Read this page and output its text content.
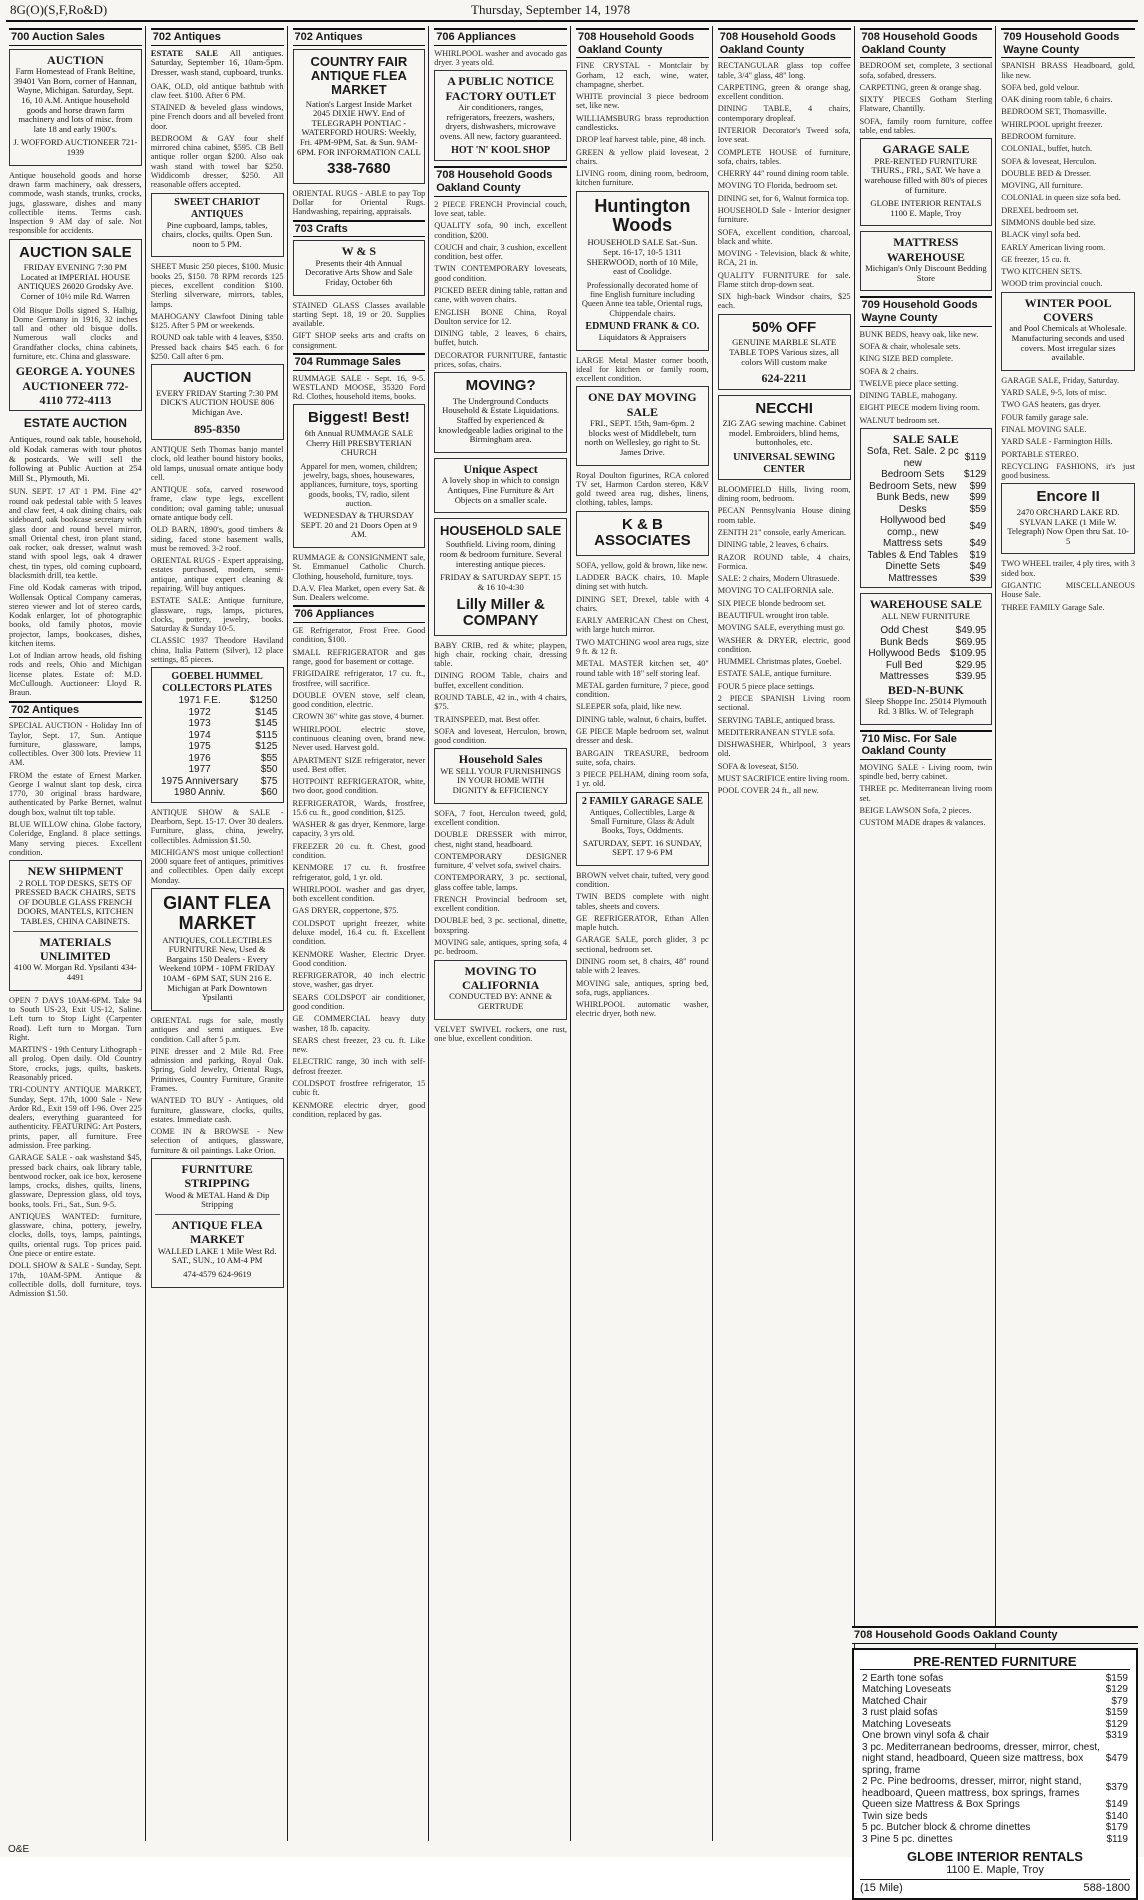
8G(O)(S,F,Ro&D)	Thursday, September 14, 1978
700 Auction Sales
AUCTION
Farm Homestead of Frank Beltine, 39401 Van Born, corner of Hannan, Wayne, Michigan. Saturday, Sept. 16, 10 A.M. Antique household goods and horse drawn farm machinery and lots of misc. from late 18 and early 1900's.
J. WOFFORD AUCTIONEER 721-1939

Antique household goods and horse drawn farm machinery, oak dressers, commode, wash stands, trunks, crocks, jugs, glassware, dishes and many collectible items. Terms cash. Inspection 9 AM day of sale. Not responsible for accidents.

AUCTION SALE
FRIDAY EVENING 7:30 PM Located at IMPERIAL HOUSE ANTIQUES 26020 Grodsky Ave. Corner of 10½ mile Rd. Warren

Old Bisque Dolls signed S. Halbig, Dome Germany in 1916, 32 inches tall and other old bisque dolls. Numerous wall clocks and Grandfather clocks, china cabinets, furniture, etc. China and glassware.

GEORGE A. YOUNES AUCTIONEER 772-4110 772-4113
ESTATE AUCTION
Antiques, round oak table, household, old Kodak cameras with tour photos & postcards. We will sell the following at Public Auction at 254 Mill St., Plymouth, Mi.

SUN. SEPT. 17 AT 1 PM. Fine 42" round oak pedestal table with 5 leaves and claw feet, 4 oak dining chairs, oak sideboard, oak bookcase secretary with glass door and round bevel mirror, small Oriental chest, iron plant stand, oak rocker, oak dresser, walnut wash stand with spool legs, oak 4 drawer chest, tin types, old coming cupboard, blacksmith drill, tea kettle.

Fine old Kodak cameras with tripod, Wollensak Optical Company cameras, stereo viewer and lot of stereo cards, Kodak enlarger, lot of photographic books, old family photos, movie projector, lamps, bookcases, dishes, kitchen items.

Lot of Indian arrow heads, old fishing rods and reels, Ohio and Michigan license plates. Estate of: M.D. McCullough. Auctioneer: Lloyd R. Braun.

702 Antiques

SPECIAL AUCTION - Holiday Inn of Taylor, Sept. 17, Sun. Antique furniture, glassware, lamps, collectibles. Over 300 lots. Preview 11 AM.

FROM the estate of Ernest Marker. George I walnut slant top desk, circa 1770, 30 original brass hardware, authenticated by Parke Bernet, walnut dough box, walnut tilt top table.

BLUE WILLOW china. Globe factory, Coleridge, England. 8 place settings. Many serving pieces. Excellent condition.

NEW SHIPMENT
2 ROLL TOP DESKS, SETS OF PRESSED BACK CHAIRS, SETS OF DOUBLE GLASS FRENCH DOORS, MANTELS, KITCHEN TABLES, CHINA CABINETS.
MATERIALS UNLIMITED
4100 W. Morgan Rd. Ypsilanti 434-4491

OPEN 7 DAYS 10AM-6PM. Take 94 to South US-23, Exit US-12, Saline. Left turn to Stop Light (Carpenter Road). Left turn to Morgan. Turn Right.

MARTIN'S - 19th Century Lithograph - all prolog. Open daily. Old Country Store, crocks, jugs, quilts, baskets. Reasonably priced.

TRI-COUNTY ANTIQUE MARKET, Sunday, Sept. 17th, 1000 Sale - New Ardor Rd., Exit 159 off I-96. Over 225 dealers, everything guaranteed for authenticity. FEATURING: Art Posters, prints, paper, all furniture. Free admission. Free parking.

GARAGE SALE - oak washstand $45, pressed back chairs, oak library table, bentwood rocker, oak ice box, kerosene lamps, crocks, dishes, quilts, linens, glassware, Depression glass, old toys, books, tools. Fri., Sat., Sun. 9-5.

ANTIQUES WANTED: furniture, glassware, china, pottery, jewelry, clocks, dolls, toys, lamps, paintings, quilts, oriental rugs. Top prices paid. One piece or entire estate.

DOLL SHOW & SALE - Sunday, Sept. 17th, 10AM-5PM. Antique & collectible dolls, doll furniture, toys. Admission $1.50.

702 Antiques
ESTATE SALE All antiques. Saturday, September 16, 10am-5pm. Dresser, wash stand, cupboard, trunks.

OAK, OLD, old antique bathtub with claw feet. $100. After 6 PM.

STAINED & beveled glass windows, pine French doors and all beveled front door.

BEDROOM & GAY four shelf mirrored china cabinet, $595. CB Bell antique roller organ $200. Also oak wash stand with towel bar $250. Widdicomb dresser, $250. All reasonable offers accepted.

SWEET CHARIOT ANTIQUES
Pine cupboard, lamps, tables, chairs, clocks, quilts. Open Sun. noon to 5 PM.

SHEET Music 250 pieces, $100. Music books 25, $150. 78 RPM records 125 pieces, excellent condition $100. Sterling silverware, mirrors, tables, lamps.

MAHOGANY Clawfoot Dining table $125. After 5 PM or weekends.

ROUND oak table with 4 leaves, $350. Pressed back chairs $45 each. 6 for $250. Call after 6 pm.

AUCTION
EVERY FRIDAY Starting 7:30 PM DICK'S AUCTION HOUSE 806 Michigan Ave.
895-8350

ANTIQUE Seth Thomas banjo mantel clock, old leather bound history books, old lamps, unusual ornate antique body cell.

ANTIQUE sofa, carved rosewood frame, claw type legs, excellent condition; oval gaming table; unusual ornate antique body cell.

OLD BARN, 1890's, good timbers & siding, faced stone basement walls, must be removed. 3-2 roof.

ORIENTAL RUGS - Expert appraising, estates purchased, modern, semi-antique, antique expert cleaning & repairing. Will buy antiques.

ESTATE SALE: Antique furniture, glassware, rugs, lamps, pictures, clocks, pottery, jewelry, books. Saturday & Sunday 10-5.

CLASSIC 1937 Theodore Haviland china, Italia Pattern (Silver), 12 place settings, 85 pieces.

GOEBEL HUMMEL COLLECTORS PLATES
1971 F.E.	$1250
1972	$145
1973	$145
1974	$115
1975	$125
1976	$55
1977	$50
1975 Anniversary	$75
1980 Anniv.	$60

ANTIQUE SHOW & SALE - Dearborn, Sept. 15-17. Over 30 dealers. Furniture, glass, china, jewelry, collectibles. Admission $1.50.

MICHIGAN'S most unique collection! 2000 square feet of antiques, primitives and collectibles. Open daily except Monday.

GIANT FLEA MARKET
ANTIQUES, COLLECTIBLES FURNITURE New, Used & Bargains 150 Dealers - Every Weekend 10PM - 10PM FRIDAY 10AM - 6PM SAT, SUN 216 E. Michigan at Park Downtown Ypsilanti

ORIENTAL rugs for sale, mostly antiques and semi antiques. Eve condition. Call after 5 p.m.

PINE dresser and 2 Mile Rd. Free admission and parking, Royal Oak. Spring, Gold Jewelry, Oriental Rugs, Primitives, Country Furniture, Granite Frames.

WANTED TO BUY - Antiques, old furniture, glassware, clocks, quilts, estates. Immediate cash.

COME IN & BROWSE - New selection of antiques, glassware, furniture & oil paintings. Lake Orion.

FURNITURE STRIPPING
Wood & METAL Hand & Dip Stripping
ANTIQUE FLEA MARKET
WALLED LAKE 1 Mile West Rd. SAT., SUN., 10 AM-4 PM
474-4579 624-9619
702 Antiques
COUNTRY FAIR ANTIQUE FLEA MARKET
Nation's Largest Inside Market 2045 DIXIE HWY. End of TELEGRAPH PONTIAC - WATERFORD HOURS: Weekly, Fri. 4PM-9PM, Sat. & Sun. 9AM-6PM. FOR INFORMATION CALL
338-7680

ORIENTAL RUGS - ABLE to pay Top Dollar for Oriental Rugs. Handwashing, repairing, appraisals.

703 Crafts
W & S
Presents their 4th Annual Decorative Arts Show and Sale Friday, October 6th

STAINED GLASS Classes available starting Sept. 18, 19 or 20. Supplies available.

GIFT SHOP seeks arts and crafts on consignment.

704 Rummage Sales

RUMMAGE SALE - Sept. 16, 9-5. WESTLAND MOOSE, 35320 Ford Rd. Clothes, household items, books.

Biggest! Best!
6th Annual RUMMAGE SALE Cherry Hill PRESBYTERIAN CHURCH

Apparel for men, women, children; jewelry, bags, shoes, housewares, appliances, furniture, toys, sporting goods, books, TV, radio, silent auction.

WEDNESDAY & THURSDAY SEPT. 20 and 21 Doors Open at 9 AM.

RUMMAGE & CONSIGNMENT sale, St. Emmanuel Catholic Church. Clothing, household, furniture, toys.

D.A.V. Flea Market, open every Sat. & Sun. Dealers welcome.

706 Appliances

GE Refrigerator, Frost Free. Good condition, $100.

SMALL REFRIGERATOR and gas range, good for basement or cottage.

FRIGIDAIRE refrigerator, 17 cu. ft., frostfree, will sacrifice.

DOUBLE OVEN stove, self clean, good condition, electric.

CROWN 36" white gas stove, 4 burner.

WHIRLPOOL electric stove, continuous cleaning oven, brand new. Never used. Harvest gold.

APARTMENT SIZE refrigerator, never used. Best offer.

HOTPOINT REFRIGERATOR, white, two door, good condition.

REFRIGERATOR, Wards, frostfree, 15.6 cu. ft., good condition, $125.

WASHER & gas dryer, Kenmore, large capacity, 3 yrs old.

FREEZER 20 cu. ft. Chest, good condition.

KENMORE 17 cu. ft. frostfree refrigerator, gold, 1 yr. old.

WHIRLPOOL washer and gas dryer, both excellent condition.

GAS DRYER, coppertone, $75.

COLDSPOT upright freezer, white deluxe model, 16.4 cu. ft. Excellent condition.

KENMORE Washer, Electric Dryer. Good condition.

REFRIGERATOR, 40 inch electric stove, washer, gas dryer.

SEARS COLDSPOT air conditioner, good condition.

GE COMMERCIAL heavy duty washer, 18 lb. capacity.

SEARS chest freezer, 23 cu. ft. Like new.

ELECTRIC range, 30 inch with self-defrost freezer.

COLDSPOT frostfree refrigerator, 15 cubic ft.

KENMORE electric dryer, good condition, replaced by gas.

706 Appliances

WHIRLPOOL washer and avocado gas dryer. 3 years old.

A PUBLIC NOTICE FACTORY OUTLET
Air conditioners, ranges, refrigerators, freezers, washers, dryers, dishwashers, microwave ovens. All new, factory guaranteed.
HOT 'N' KOOL SHOP
708 Household Goods Oakland County

2 PIECE FRENCH Provincial couch, love seat, table.

QUALITY sofa, 90 inch, excellent condition, $200.

COUCH and chair, 3 cushion, excellent condition, best offer.

TWIN CONTEMPORARY loveseats, good condition.

PICKED BEER dining table, rattan and cane, with woven chairs.

ENGLISH BONE China, Royal Doulton service for 12.

DINING table, 2 leaves, 6 chairs, buffet, hutch.

DECORATOR FURNITURE, fantastic prices, sofas, chairs.

MOVING?
The Underground Conducts Household & Estate Liquidations. Staffed by experienced & knowledgeable ladies original to the Birmingham area.
Unique Aspect
A lovely shop in which to consign Antiques, Fine Furniture & Art Objects on a smaller scale.
HOUSEHOLD SALE
Southfield. Living room, dining room & bedroom furniture. Several interesting antique pieces.
FRIDAY & SATURDAY SEPT. 15 & 16 10-4:30
Lilly Miller & COMPANY

BABY CRIB, red & white; playpen, high chair, rocking chair, dressing table.

DINING ROOM Table, chairs and buffet, excellent condition.

ROUND TABLE, 42 in., with 4 chairs, $75.

TRAINSPEED, mat. Best offer.

SOFA and loveseat, Herculon, brown, good condition.

Household Sales
WE SELL YOUR FURNISHINGS IN YOUR HOME WITH DIGNITY & EFFICIENCY

SOFA, 7 foot, Herculon tweed, gold, excellent condition.

DOUBLE DRESSER with mirror, chest, night stand, headboard.

CONTEMPORARY DESIGNER furniture, 4' velvet sofa, swivel chairs.

CONTEMPORARY, 3 pc. sectional, glass coffee table, lamps.

FRENCH Provincial bedroom set, excellent condition.

DOUBLE bed, 3 pc. sectional, dinette, boxspring.

MOVING sale, antiques, spring sofa, 4 pc. bedroom.

MOVING TO CALIFORNIA
CONDUCTED BY: ANNE & GERTRUDE

VELVET SWIVEL rockers, one rust, one blue, excellent condition.

708 Household Goods Oakland County

FINE CRYSTAL - Montclair by Gorham, 12 each, wine, water, champagne, sherbet.

WHITE provincial 3 piece bedroom set, like new.

WILLIAMSBURG brass reproduction candlesticks.

DROP leaf harvest table, pine, 48 inch.

GREEN & yellow plaid loveseat, 2 chairs.

LIVING room, dining room, bedroom, kitchen furniture.

Huntington Woods
HOUSEHOLD SALE Sat.-Sun. Sept. 16-17, 10-5 1311 SHERWOOD, north of 10 Mile, east of Coolidge.

Professionally decorated home of fine English furniture including Queen Anne tea table, Oriental rugs, Chippendale chairs.

EDMUND FRANK & CO.
Liquidators & Appraisers

LARGE Metal Master corner booth, ideal for kitchen or family room, excellent condition.

ONE DAY MOVING SALE
FRI., SEPT. 15th, 9am-6pm. 2 blocks west of Middlebelt, turn north on Wellesley, go right to St. James Drive.

Royal Doulton figurines, RCA colored TV set, Harmon Cardon stereo, K&V gold tweed area rug, dishes, linens, clothing, tables, lamps.

K & B ASSOCIATES

SOFA, yellow, gold & brown, like new.

LADDER BACK chairs, 10. Maple dining set with hutch.

DINING SET, Drexel, table with 4 chairs.

EARLY AMERICAN Chest on Chest, with large hutch mirror.

TWO MATCHING wool area rugs, size 9 ft. & 12 ft.

METAL MASTER kitchen set, 40" round table with 18" self storing leaf.

METAL garden furniture, 7 piece, good condition.

SLEEPER sofa, plaid, like new.

DINING table, walnut, 6 chairs, buffet.

GE PIECE Maple bedroom set, walnut dresser and desk.

BARGAIN TREASURE, bedroom suite, sofa, chairs.

3 PIECE PELHAM, dining room sofa, 1 yr. old.

2 FAMILY GARAGE SALE

Antiques, Collectibles, Large & Small Furniture, Glass & Adult Books, Toys, Oddments.

SATURDAY, SEPT. 16 SUNDAY, SEPT. 17 9-6 PM

BROWN velvet chair, tufted, very good condition.

TWIN BEDS complete with night tables, sheets and covers.

GE REFRIGERATOR, Ethan Allen maple hutch.

GARAGE SALE, porch glider, 3 pc sectional, bedroom set.

DINING room set, 8 chairs, 48" round table with 2 leaves.

MOVING sale, antiques, spring bed, sofa, rugs, appliances.

WHIRLPOOL automatic washer, electric dryer, both new.

708 Household Goods Oakland County

RECTANGULAR glass top coffee table, 3/4" glass, 48" long.

CARPETING, green & orange shag, excellent condition.

DINING TABLE, 4 chairs, contemporary dropleaf.

INTERIOR Decorator's Tweed sofa, love seat.

COMPLETE HOUSE of furniture, sofa, chairs, tables.

CHERRY 44" round dining room table.

MOVING TO Florida, bedroom set.

DINING set, for 6, Walnut formica top.

HOUSEHOLD Sale - Interior designer furniture.

SOFA, excellent condition, charcoal, black and white.

MOVING - Television, black & white, RCA, 21 in.

QUALITY FURNITURE for sale. Flame stitch drop-down seat.

SIX high-back Windsor chairs, $25 each.

50% OFF
GENUINE MARBLE SLATE TABLE TOPS Various sizes, all colors Will custom make
624-2211
NECCHI
ZIG ZAG sewing machine. Cabinet model. Embroiders, blind hems, buttonholes, etc.
UNIVERSAL SEWING CENTER

BLOOMFIELD Hills, living room, dining room, bedroom.

PECAN Pennsylvania House dining room table.

ZENITH 21" console, early American.

DINING table, 2 leaves, 6 chairs.

RAZOR ROUND table, 4 chairs, Formica.

SALE: 2 chairs, Modern Ultrasuede.

MOVING TO CALIFORNIA sale.

SIX PIECE blonde bedroom set.

BEAUTIFUL wrought iron table.

MOVING SALE, everything must go.

WASHER & DRYER, electric, good condition.

HUMMEL Christmas plates, Goebel.

ESTATE SALE, antique furniture.

FOUR 5 piece place settings.

2 PIECE SPANISH Living room sectional.

SERVING TABLE, antiqued brass.

MEDITERRANEAN STYLE sofa.

DISHWASHER, Whirlpool, 3 years old.

SOFA & loveseat, $150.

MUST SACRIFICE entire living room.

POOL COVER 24 ft., all new.

708 Household Goods Oakland County

BEDROOM set, complete, 3 sectional sofa, sofabed, dressers.

CARPETING, green & orange shag.

SIXTY PIECES Gotham Sterling Flatware, Chantilly.

SOFA, family room furniture, coffee table, end tables.

GARAGE SALE
PRE-RENTED FURNITURE THURS., FRI., SAT. We have a warehouse filled with 80's of pieces of furniture.
GLOBE INTERIOR RENTALS 1100 E. Maple, Troy
MATTRESS WAREHOUSE
Michigan's Only Discount Bedding Store
709 Household Goods Wayne County

BUNK BEDS, heavy oak, like new.

SOFA & chair, wholesale sets.

KING SIZE BED complete.

SOFA & 2 chairs.

TWELVE piece place setting.

DINING TABLE, mahogany.

EIGHT PIECE modern living room.

WALNUT bedroom set.

SALE SALE
Sofa, Ret. Sale. 2 pc new	$119
Bedroom Sets	$129
Bedroom Sets, new	$99
Bunk Beds, new	$99
Desks	$59
Hollywood bed comp., new	$49
Mattress sets	$49
Tables & End Tables	$19
Dinette Sets	$49
Mattresses	$39
WAREHOUSE SALE
ALL NEW FURNITURE
Odd Chest	$49.95
Bunk Beds	$69.95
Hollywood Beds	$109.95
Full Bed	$29.95
Mattresses	$39.95
BED-N-BUNK
Sleep Shoppe Inc. 25014 Plymouth Rd. 3 Blks. W. of Telegraph
710 Misc. For Sale Oakland County

MOVING SALE - Living room, twin spindle bed, berry cabinet.

THREE pc. Mediterranean living room set.

BEIGE LAWSON Sofa, 2 pieces.

CUSTOM MADE drapes & valances.

709 Household Goods Wayne County

SPANISH BRASS Headboard, gold, like new.

SOFA bed, gold velour.

OAK dining room table, 6 chairs.

BEDROOM SET, Thomasville.

WHIRLPOOL upright freezer.

BEDROOM furniture.

COLONIAL, buffet, hutch.

SOFA & loveseat, Herculon.

DOUBLE BED & Dresser.

MOVING, All furniture.

COLONIAL in queen size sofa bed.

DREXEL bedroom set.

SIMMONS double bed size.

BLACK vinyl sofa bed.

EARLY American living room.

GE freezer, 15 cu. ft.

TWO KITCHEN SETS.

WOOD trim provincial couch.

WINTER POOL COVERS
and Pool Chemicals at Wholesale. Manufacturing seconds and used covers. Most irregular sizes available.

GARAGE SALE, Friday, Saturday.

YARD SALE, 9-5, lots of misc.

TWO GAS heaters, gas dryer.

FOUR family garage sale.

FINAL MOVING SALE.

YARD SALE - Farmington Hills.

PORTABLE STEREO.

RECYCLING FASHIONS, it's just good business.

Encore II
2470 ORCHARD LAKE RD. SYLVAN LAKE (1 Mile W. Telegraph) Now Open thru Sat. 10-5

TWO WHEEL trailer, 4 ply tires, with 3 sided box.

GIGANTIC MISCELLANEOUS House Sale.

THREE FAMILY Garage Sale.

708 Household Goods Oakland County
PRE-RENTED FURNITURE
2 Earth tone sofas	$159
Matching Loveseats	$129
Matched Chair	$79
3 rust plaid sofas	$159
Matching Loveseats	$129
One brown vinyl sofa & chair	$319
3 pc. Mediterranean bedrooms, dresser, mirror, chest, night stand, headboard, Queen size mattress, box spring, frame	$479
2 Pc. Pine bedrooms, dresser, mirror, night stand, headboard, Queen mattress, box springs, frames	$379
Queen size Mattress & Box Springs	$149
Twin size beds	$140
5 pc. Butcher block & chrome dinettes	$179
3 Pine 5 pc. dinettes	$119
GLOBE INTERIOR RENTALS
1100 E. Maple, Troy
(15 Mile)	588-1800
O&E
